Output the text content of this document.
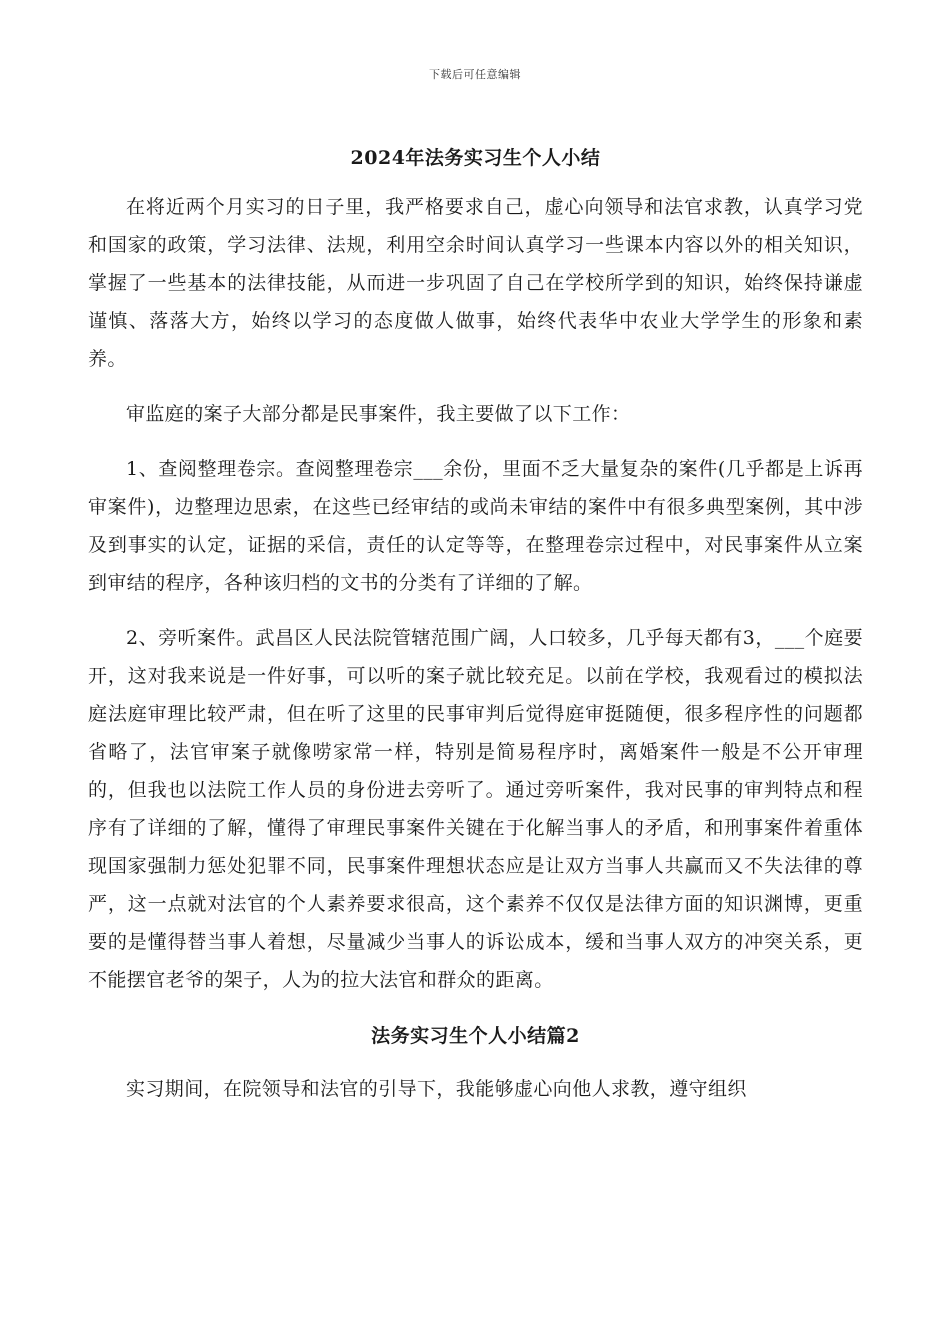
下载后可任意编辑
2024年法务实习生个人小结

在将近两个月实习的日子里，我严格要求自己，虚心向领导和法官求教，认真学习党和国家的政策，学习法律、法规，利用空余时间认真学习一些课本内容以外的相关知识，掌握了一些基本的法律技能，从而进一步巩固了自己在学校所学到的知识，始终保持谦虚谨慎、落落大方，始终以学习的态度做人做事，始终代表华中农业大学学生的形象和素养。

审监庭的案子大部分都是民事案件，我主要做了以下工作：

1、查阅整理卷宗。查阅整理卷宗___余份，里面不乏大量复杂的案件(几乎都是上诉再审案件)，边整理边思索，在这些已经审结的或尚未审结的案件中有很多典型案例，其中涉及到事实的认定，证据的采信，责任的认定等等，在整理卷宗过程中，对民事案件从立案到审结的程序，各种该归档的文书的分类有了详细的了解。

2、旁听案件。武昌区人民法院管辖范围广阔，人口较多，几乎每天都有3，___个庭要开，这对我来说是一件好事，可以听的案子就比较充足。以前在学校，我观看过的模拟法庭法庭审理比较严肃，但在听了这里的民事审判后觉得庭审挺随便，很多程序性的问题都省略了，法官审案子就像唠家常一样，特别是简易程序时，离婚案件一般是不公开审理的，但我也以法院工作人员的身份进去旁听了。通过旁听案件，我对民事的审判特点和程序有了详细的了解，懂得了审理民事案件关键在于化解当事人的矛盾，和刑事案件着重体现国家强制力惩处犯罪不同，民事案件理想状态应是让双方当事人共赢而又不失法律的尊严，这一点就对法官的个人素养要求很高，这个素养不仅仅是法律方面的知识渊博，更重要的是懂得替当事人着想，尽量减少当事人的诉讼成本，缓和当事人双方的冲突关系，更不能摆官老爷的架子，人为的拉大法官和群众的距离。

法务实习生个人小结篇2

实习期间，在院领导和法官的引导下，我能够虚心向他人求教，遵守组织
